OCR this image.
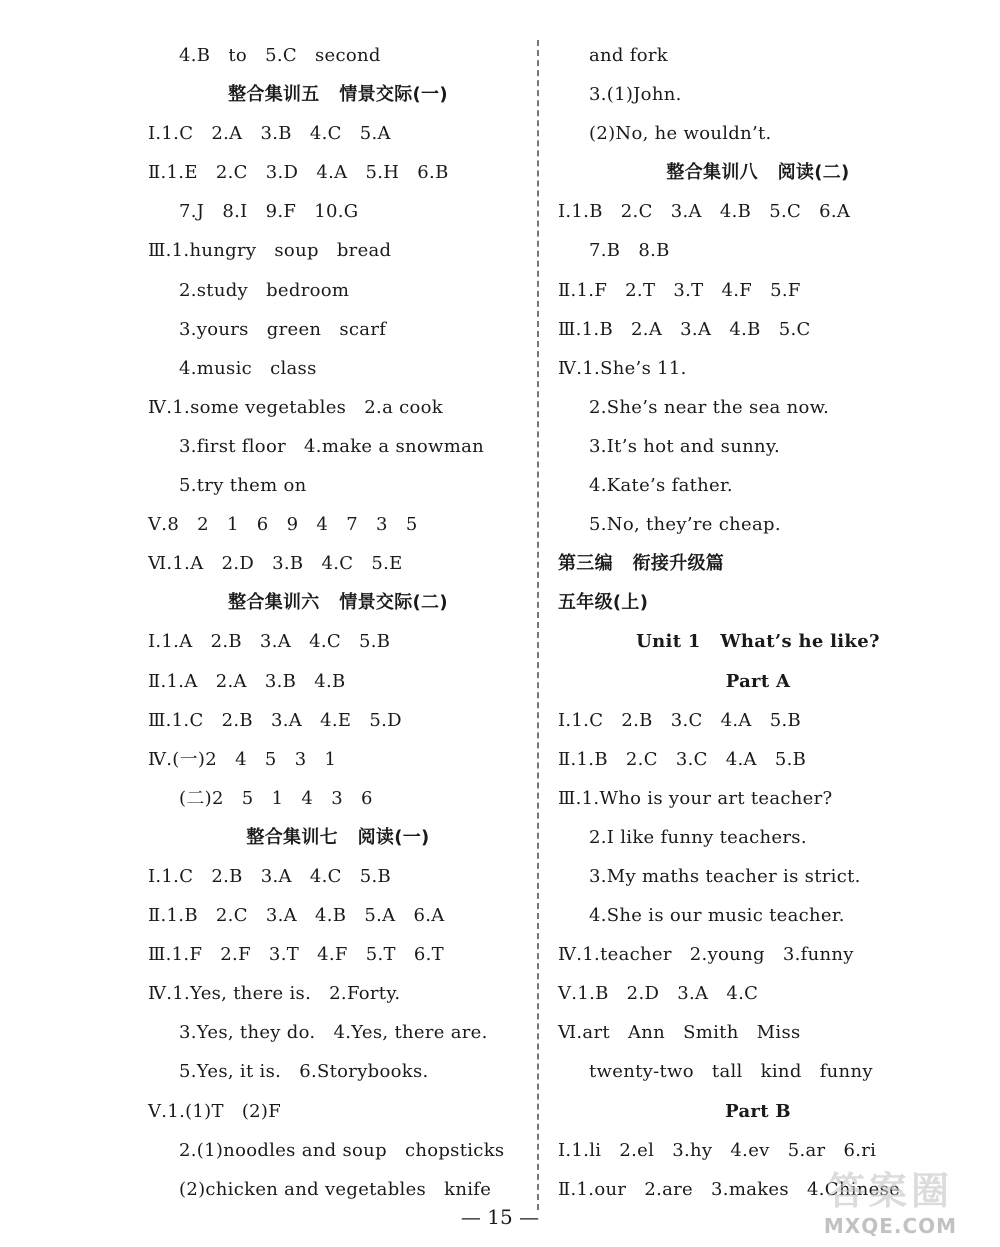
4.B   to   5.C   second
整合集训五   情景交际(一)
Ⅰ.1.C   2.A   3.B   4.C   5.A
Ⅱ.1.E   2.C   3.D   4.A   5.H   6.B
7.J   8.I   9.F   10.G
Ⅲ.1.hungry   soup   bread
2.study   bedroom
3.yours   green   scarf
4.music   class
Ⅳ.1.some vegetables   2.a cook
3.first floor   4.make a snowman
5.try them on
Ⅴ.8   2   1   6   9   4   7   3   5
Ⅵ.1.A   2.D   3.B   4.C   5.E
整合集训六   情景交际(二)
Ⅰ.1.A   2.B   3.A   4.C   5.B
Ⅱ.1.A   2.A   3.B   4.B
Ⅲ.1.C   2.B   3.A   4.E   5.D
Ⅳ.(一)2   4   5   3   1
(二)2   5   1   4   3   6
整合集训七   阅读(一)
Ⅰ.1.C   2.B   3.A   4.C   5.B
Ⅱ.1.B   2.C   3.A   4.B   5.A   6.A
Ⅲ.1.F   2.F   3.T   4.F   5.T   6.T
Ⅳ.1.Yes, there is.   2.Forty.
3.Yes, they do.   4.Yes, there are.
5.Yes, it is.   6.Storybooks.
Ⅴ.1.(1)T   (2)F
2.(1)noodles and soup   chopsticks
(2)chicken and vegetables   knife
and fork
3.(1)John.
(2)No, he wouldn’t.
整合集训八   阅读(二)
Ⅰ.1.B   2.C   3.A   4.B   5.C   6.A
7.B   8.B
Ⅱ.1.F   2.T   3.T   4.F   5.F
Ⅲ.1.B   2.A   3.A   4.B   5.C
Ⅳ.1.She’s 11.
2.She’s near the sea now.
3.It’s hot and sunny.
4.Kate’s father.
5.No, they’re cheap.
第三编   衔接升级篇
五年级(上)
Unit 1   What’s he like?
Part A
Ⅰ.1.C   2.B   3.C   4.A   5.B
Ⅱ.1.B   2.C   3.C   4.A   5.B
Ⅲ.1.Who is your art teacher?
2.I like funny teachers.
3.My maths teacher is strict.
4.She is our music teacher.
Ⅳ.1.teacher   2.young   3.funny
Ⅴ.1.B   2.D   3.A   4.C
Ⅵ.art   Ann   Smith   Miss
twenty-two   tall   kind   funny
Part B
Ⅰ.1.li   2.el   3.hy   4.ev   5.ar   6.ri
Ⅱ.1.our   2.are   3.makes   4.Chinese
— 15 —
答案圈
MXQE.COM
